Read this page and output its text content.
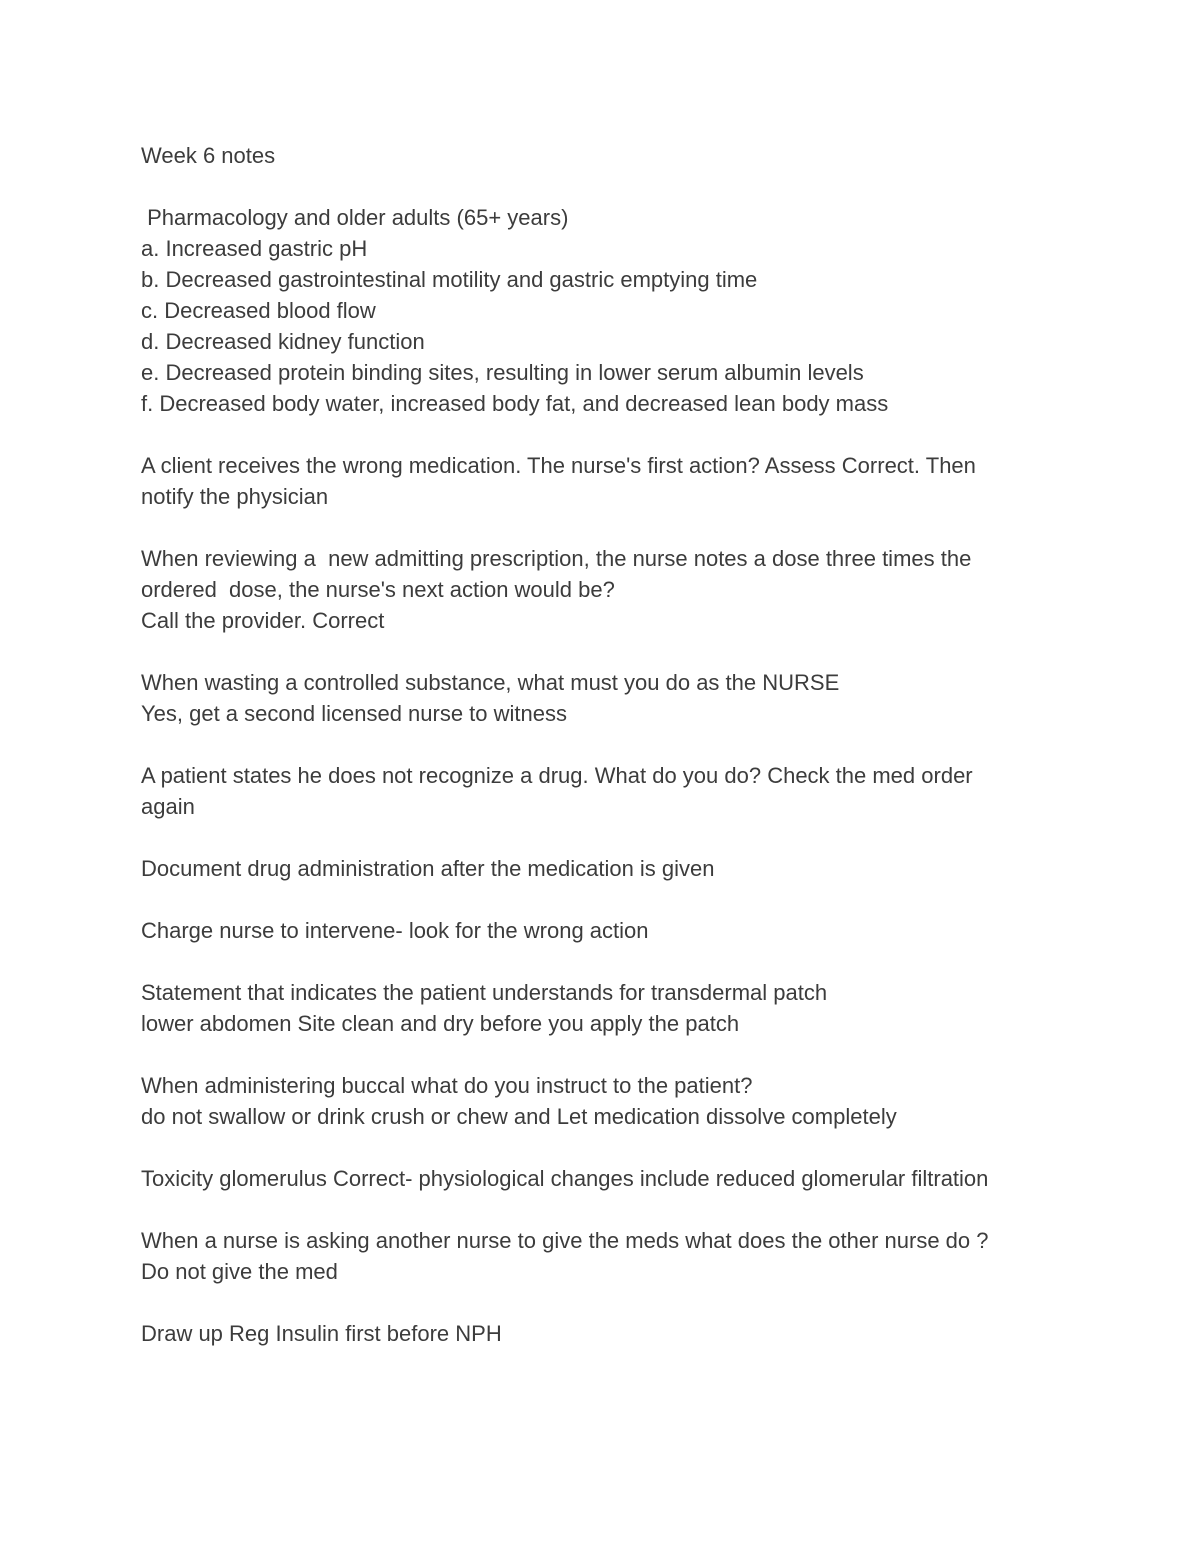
Week 6 notes
Pharmacology and older adults (65+ years)
a. Increased gastric pH
b. Decreased gastrointestinal motility and gastric emptying time
c. Decreased blood flow
d. Decreased kidney function
e. Decreased protein binding sites, resulting in lower serum albumin levels
f. Decreased body water, increased body fat, and decreased lean body mass
A client receives the wrong medication. The nurse's first action? Assess Correct. Then
notify the physician
When reviewing a  new admitting prescription, the nurse notes a dose three times the
ordered  dose, the nurse's next action would be?
Call the provider. Correct
When wasting a controlled substance, what must you do as the NURSE
Yes, get a second licensed nurse to witness
A patient states he does not recognize a drug. What do you do? Check the med order
again
Document drug administration after the medication is given
Charge nurse to intervene- look for the wrong action
Statement that indicates the patient understands for transdermal patch
lower abdomen Site clean and dry before you apply the patch
When administering buccal what do you instruct to the patient?
do not swallow or drink crush or chew and Let medication dissolve completely
Toxicity glomerulus Correct- physiological changes include reduced glomerular filtration
When a nurse is asking another nurse to give the meds what does the other nurse do ?
Do not give the med
Draw up Reg Insulin first before NPH
